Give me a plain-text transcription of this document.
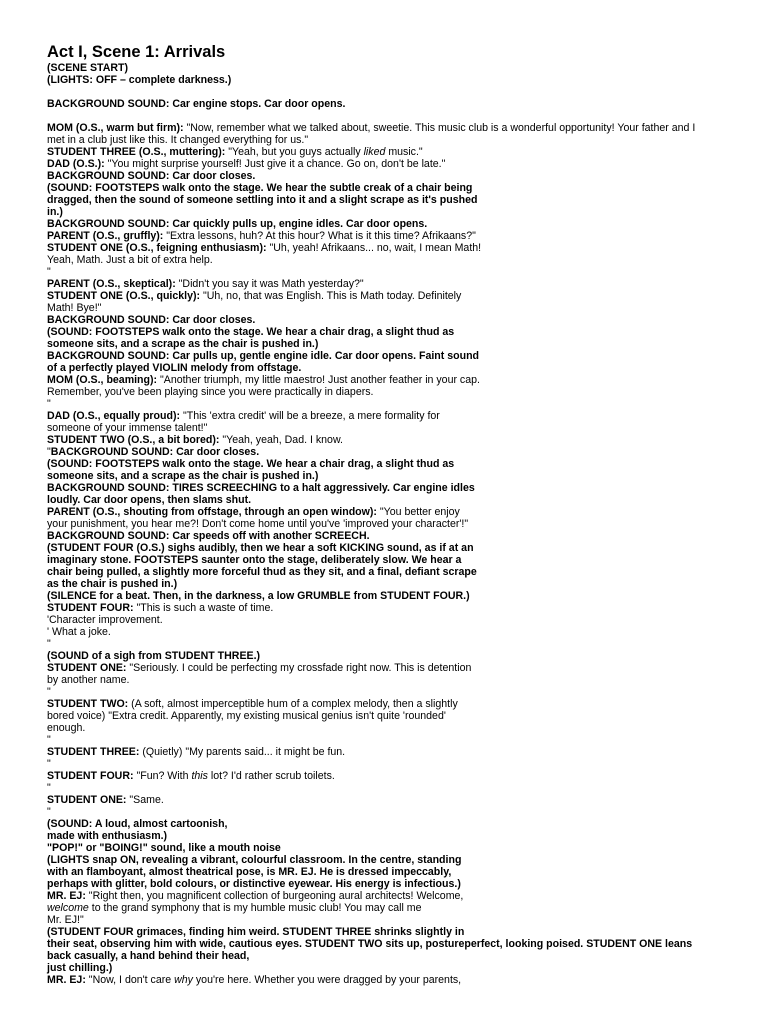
Act I, Scene 1: Arrivals
(SCENE START)
(LIGHTS: OFF – complete darkness.)
BACKGROUND SOUND: Car engine stops. Car door opens.
MOM (O.S., warm but firm): "Now, remember what we talked about, sweetie. This music club is a wonderful opportunity! Your father and I
met in a club just like this. It changed everything for us."
STUDENT THREE (O.S., muttering): "Yeah, but you guys actually liked music."
DAD (O.S.): "You might surprise yourself! Just give it a chance. Go on, don't be late."
BACKGROUND SOUND: Car door closes.
(SOUND: FOOTSTEPS walk onto the stage. We hear the subtle creak of a chair being
dragged, then the sound of someone settling into it and a slight scrape as it's pushed
in.)
BACKGROUND SOUND: Car quickly pulls up, engine idles. Car door opens.
PARENT (O.S., gruffly): "Extra lessons, huh? At this hour? What is it this time? Afrikaans?"
STUDENT ONE (O.S., feigning enthusiasm): "Uh, yeah! Afrikaans... no, wait, I mean Math!
Yeah, Math. Just a bit of extra help.
"
PARENT (O.S., skeptical): "Didn't you say it was Math yesterday?"
STUDENT ONE (O.S., quickly): "Uh, no, that was English. This is Math today. Definitely
Math! Bye!"
BACKGROUND SOUND: Car door closes.
(SOUND: FOOTSTEPS walk onto the stage. We hear a chair drag, a slight thud as
someone sits, and a scrape as the chair is pushed in.)
BACKGROUND SOUND: Car pulls up, gentle engine idle. Car door opens. Faint sound
of a perfectly played VIOLIN melody from offstage.
MOM (O.S., beaming): "Another triumph, my little maestro! Just another feather in your cap.
Remember, you've been playing since you were practically in diapers.
"
DAD (O.S., equally proud): "This 'extra credit' will be a breeze, a mere formality for
someone of your immense talent!"
STUDENT TWO (O.S., a bit bored): "Yeah, yeah, Dad. I know.
"BACKGROUND SOUND: Car door closes.
(SOUND: FOOTSTEPS walk onto the stage. We hear a chair drag, a slight thud as
someone sits, and a scrape as the chair is pushed in.)
BACKGROUND SOUND: TIRES SCREECHING to a halt aggressively. Car engine idles
loudly. Car door opens, then slams shut.
PARENT (O.S., shouting from offstage, through an open window): "You better enjoy
your punishment, you hear me?! Don't come home until you've 'improved your character'!"
BACKGROUND SOUND: Car speeds off with another SCREECH.
(STUDENT FOUR (O.S.) sighs audibly, then we hear a soft KICKING sound, as if at an
imaginary stone. FOOTSTEPS saunter onto the stage, deliberately slow. We hear a
chair being pulled, a slightly more forceful thud as they sit, and a final, defiant scrape
as the chair is pushed in.)
(SILENCE for a beat. Then, in the darkness, a low GRUMBLE from STUDENT FOUR.)
STUDENT FOUR: "This is such a waste of time.
'Character improvement.
' What a joke.
"
(SOUND of a sigh from STUDENT THREE.)
STUDENT ONE: "Seriously. I could be perfecting my crossfade right now. This is detention
by another name.
"
STUDENT TWO: (A soft, almost imperceptible hum of a complex melody, then a slightly
bored voice) "Extra credit. Apparently, my existing musical genius isn't quite 'rounded'
enough.
"
STUDENT THREE: (Quietly) "My parents said... it might be fun.
"
STUDENT FOUR: "Fun? With this lot? I'd rather scrub toilets.
"
STUDENT ONE: "Same.
"
(SOUND: A loud, almost cartoonish,
made with enthusiasm.)
"POP!" or "BOING!" sound, like a mouth noise
(LIGHTS snap ON, revealing a vibrant, colourful classroom. In the centre, standing
with an flamboyant, almost theatrical pose, is MR. EJ. He is dressed impeccably,
perhaps with glitter, bold colours, or distinctive eyewear. His energy is infectious.)
MR. EJ: "Right then, you magnificent collection of burgeoning aural architects! Welcome,
welcome to the grand symphony that is my humble music club! You may call me
Mr. EJ!"
(STUDENT FOUR grimaces, finding him weird. STUDENT THREE shrinks slightly in
their seat, observing him with wide, cautious eyes. STUDENT TWO sits up, postureperfect, looking poised. STUDENT ONE leans
back casually, a hand behind their head,
just chilling.)
MR. EJ: "Now, I don't care why you're here. Whether you were dragged by your parents,
